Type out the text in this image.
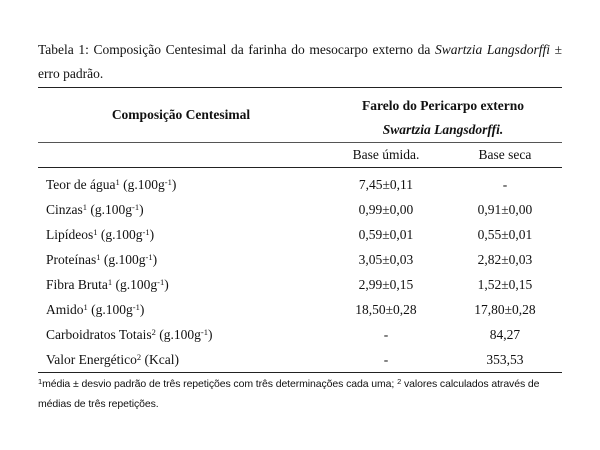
Tabela 1: Composição Centesimal da farinha do mesocarpo externo da Swartzia Langsdorffi ± erro padrão.
Composição Centesimal	Farelo do Pericarpo externo	
	Swartzia Langsdorffi.	
	Base úmida.	Base seca
Teor de água$^1$ $(g.100g^{-1})$	7,45±0,11	-
Cinzas$^1$ $(g.100g^{-1})$	0,99±0,00	0,91±0,00
Lipídeos$^1$ $(g.100g^{-1})$	0,59±0,01	0,55±0,01
Proteínas$^1$ $(g.100g^{-1})$	3,05±0,03	2,82±0,03
Fibra Bruta$^1$ $(g.100g^{-1})$	2,99±0,15	1,52±0,15
Amido$^1$ $(g.100g^{-1})$	18,50±0,28	17,80±0,28
Carboidratos Totais$^2$ $(g.100g^{-1})$	-	84,27
Valor Energético$^2$ (Kcal)	-	353,53
$^1$média ± desvio padrão de três repetições com três determinações cada uma; $^2$ valores calculados através de médias de três repetições.
